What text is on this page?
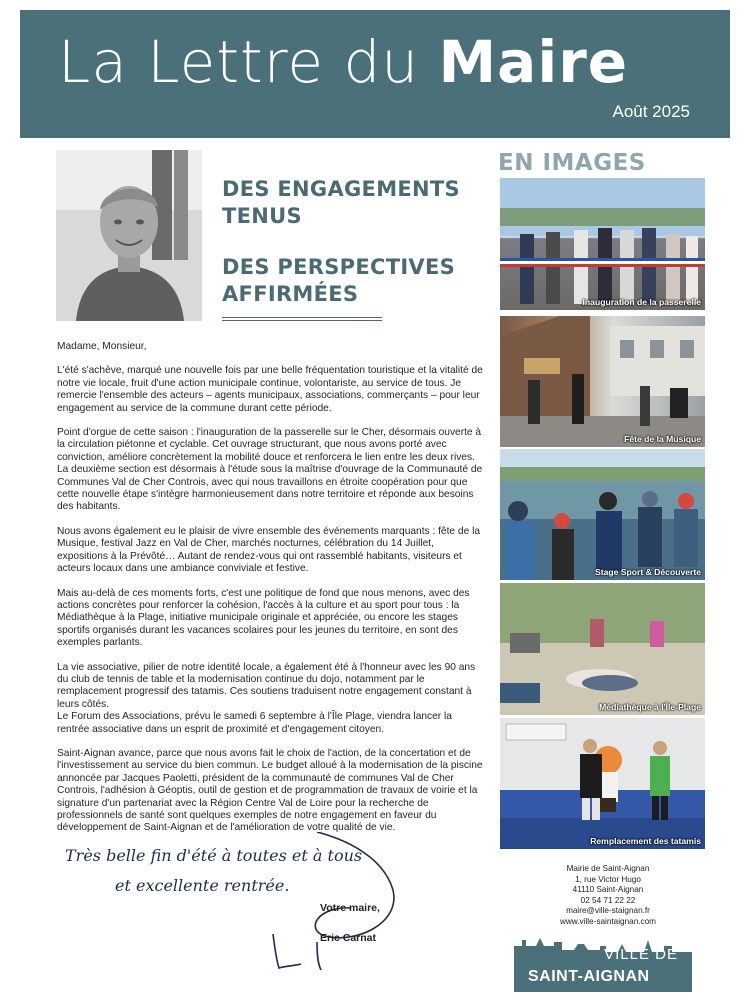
La Lettre du Maire
Août 2025
DES ENGAGEMENTS
TENUS
DES PERSPECTIVES
AFFIRMÉES

Madame, Monsieur,

L'été s'achève, marqué une nouvelle fois par une belle fréquentation touristique et la vitalité de notre vie locale, fruit d'une action municipale continue, volontariste, au service de tous. Je remercie l'ensemble des acteurs – agents municipaux, associations, commerçants – pour leur engagement au service de la commune durant cette période.

Point d'orgue de cette saison : l'inauguration de la passerelle sur le Cher, désormais ouverte à la circulation piétonne et cyclable. Cet ouvrage structurant, que nous avons porté avec conviction, améliore concrètement la mobilité douce et renforcera le lien entre les deux rives. La deuxième section est désormais à l'étude sous la maîtrise d'ouvrage de la Communauté de Communes Val de Cher Controis, avec qui nous travaillons en étroite coopération pour que cette nouvelle étape s'intègre harmonieusement dans notre territoire et réponde aux besoins des habitants.

Nous avons également eu le plaisir de vivre ensemble des événements marquants : fête de la Musique, festival Jazz en Val de Cher, marchés nocturnes, célébration du 14 Juillet, expositions à la Prévôté… Autant de rendez-vous qui ont rassemblé habitants, visiteurs et acteurs locaux dans une ambiance conviviale et festive.

Mais au-delà de ces moments forts, c'est une politique de fond que nous menons, avec des actions concrètes pour renforcer la cohésion, l'accès à la culture et au sport pour tous : la Médiathèque à la Plage, initiative municipale originale et appréciée, ou encore les stages sportifs organisés durant les vacances scolaires pour les jeunes du territoire, en sont des exemples parlants.

La vie associative, pilier de notre identité locale, a également été à l'honneur avec les 90 ans du club de tennis de table et la modernisation continue du dojo, notamment par le remplacement progressif des tatamis. Ces soutiens traduisent notre engagement constant à leurs côtés.

Le Forum des Associations, prévu le samedi 6 septembre à l'Île Plage, viendra lancer la rentrée associative dans un esprit de proximité et d'engagement citoyen.

Saint-Aignan avance, parce que nous avons fait le choix de l'action, de la concertation et de l'investissement au service du bien commun. Le budget alloué à la modernisation de la piscine annoncée par Jacques Paoletti, président de la communauté de communes Val de Cher Controis, l'adhésion à Géoptis, outil de gestion et de programmation de travaux de voirie et la signature d'un partenariat avec la Région Centre Val de Loire pour la recherche de professionnels de santé sont quelques exemples de notre engagement en faveur du développement de Saint-Aignan et de l'amélioration de votre qualité de vie.

Très belle fin d'été à toutes et à tous
et excellente rentrée.
Votre maire,
Eric Carnat
EN IMAGES
Inauguration de la passerelle
Fête de la Musique
Stage Sport & Découverte
Médiathèque à l'Île-Plage
Remplacement des tatamis
Mairie de Saint-Aignan
1, rue Victor Hugo
41110 Saint-Aignan
02 54 71 22 22
maire@ville-staignan.fr
www.ville-saintaignan.com
VILLE DE
SAINT-AIGNAN
